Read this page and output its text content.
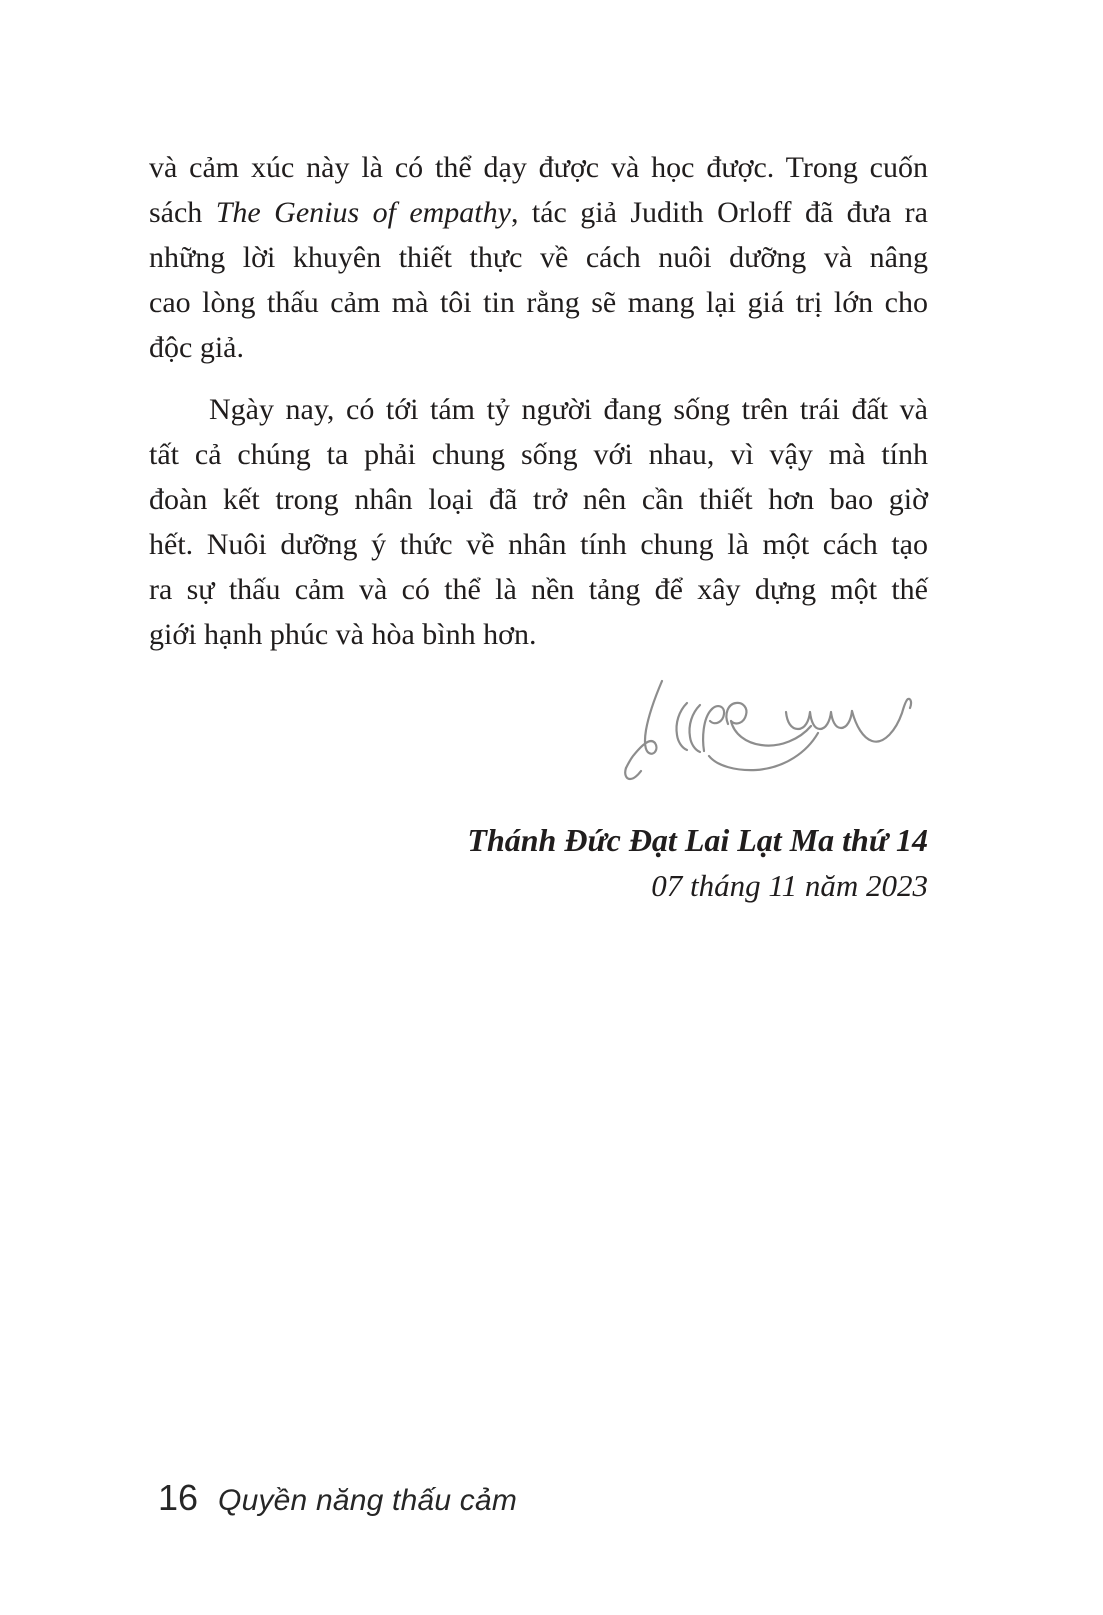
và cảm xúc này là có thể dạy được và học được. Trong cuốn
sách The Genius of empathy, tác giả Judith Orloff đã đưa ra
những lời khuyên thiết thực về cách nuôi dưỡng và nâng
cao lòng thấu cảm mà tôi tin rằng sẽ mang lại giá trị lớn cho
độc giả.
Ngày nay, có tới tám tỷ người đang sống trên trái đất và
tất cả chúng ta phải chung sống với nhau, vì vậy mà tính
đoàn kết trong nhân loại đã trở nên cần thiết hơn bao giờ
hết. Nuôi dưỡng ý thức về nhân tính chung là một cách tạo
ra sự thấu cảm và có thể là nền tảng để xây dựng một thế
giới hạnh phúc và hòa bình hơn.
Thánh Đức Đạt Lai Lạt Ma thứ 14
07 tháng 11 năm 2023
16 Quyền năng thấu cảm
